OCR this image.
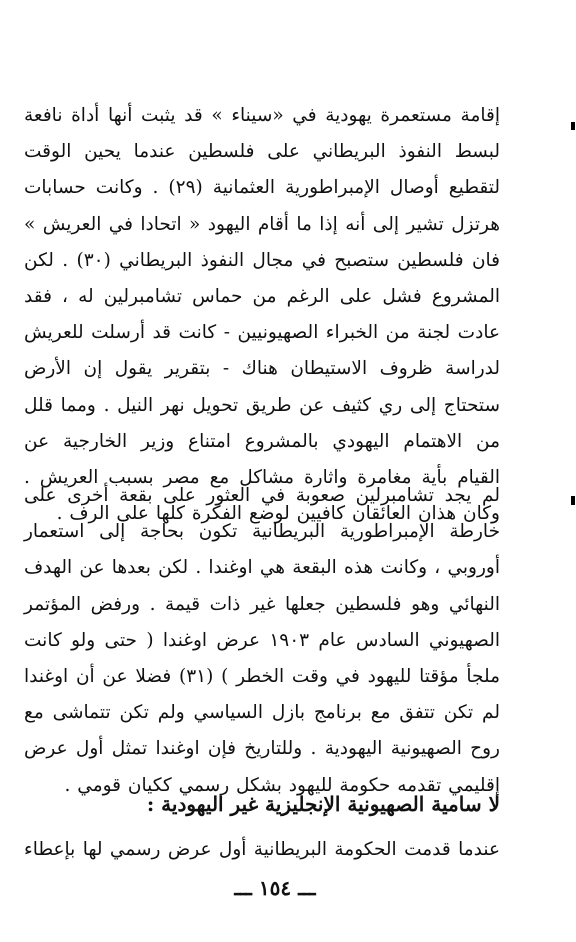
إقامة مستعمرة يهودية في «سيناء » قد يثبت أنها أداة نافعة لبسط النفوذ البريطاني على فلسطين عندما يحين الوقت لتقطيع أوصال الإمبراطورية العثمانية (٢٩) . وكانت حسابات هرتزل تشير إلى أنه إذا ما أقام اليهود « اتحادا في العريش » فان فلسطين ستصبح في مجال النفوذ البريطاني (٣٠) . لكن المشروع فشل على الرغم من حماس تشامبرلين له ، فقد عادت لجنة من الخبراء الصهيونيين - كانت قد أرسلت للعريش لدراسة ظروف الاستيطان هناك - بتقرير يقول إن الأرض ستحتاج إلى ري كثيف عن طريق تحويل نهر النيل . ومما قلل من الاهتمام اليهودي بالمشروع امتناع وزير الخارجية عن القيام بأية مغامرة واثارة مشاكل مع مصر بسبب العريش . وكان هذان العائقان كافيين لوضع الفكرة كلها على الرف .

لم يجد تشامبرلين صعوبة في العثور على بقعة أخرى على خارطة الإمبراطورية البريطانية تكون بحاجة إلى استعمار أوروبي ، وكانت هذه البقعة هي اوغندا . لكن بعدها عن الهدف النهائي وهو فلسطين جعلها غير ذات قيمة . ورفض المؤتمر الصهيوني السادس عام ١٩٠٣ عرض اوغندا ( حتى ولو كانت ملجأ مؤقتا لليهود في وقت الخطر ) (٣١) فضلا عن أن اوغندا لم تكن تتفق مع برنامج بازل السياسي ولم تكن تتماشى مع روح الصهيونية اليهودية . وللتاريخ فإن اوغندا تمثل أول عرض إقليمي تقدمه حكومة لليهود بشكل رسمي ككيان قومي .

لا سامية الصهيونية الإنجليزية غير اليهودية :

عندما قدمت الحكومة البريطانية أول عرض رسمي لها بإعطاء

ـــ ١٥٤ ـــ
